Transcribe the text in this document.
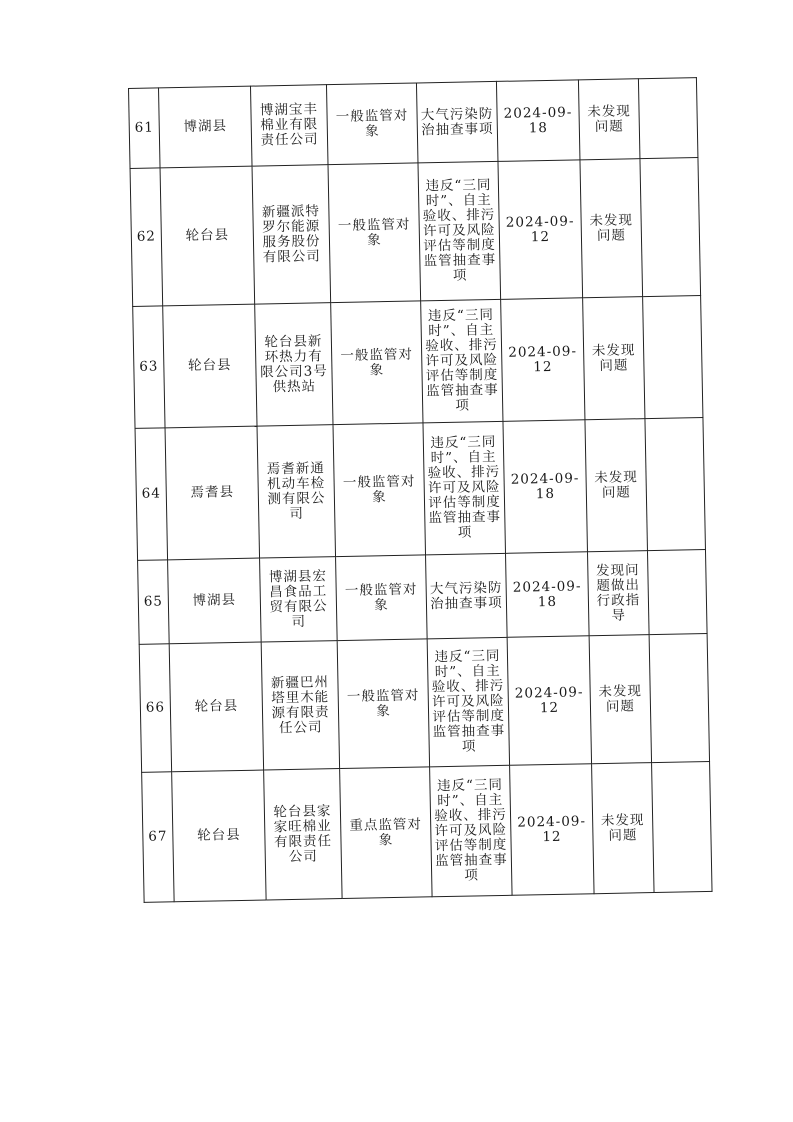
61	博湖县	博湖宝丰棉业有限责任公司	一般监管对象	大气污染防治抽查事项	2024-09-18	未发现问题	
62	轮台县	新疆派特罗尔能源服务股份有限公司	一般监管对象	违反“三同时”、自主验收、排污许可及风险评估等制度监管抽查事项	2024-09-12	未发现问题	
63	轮台县	轮台县新环热力有限公司3号供热站	一般监管对象	违反“三同时”、自主验收、排污许可及风险评估等制度监管抽查事项	2024-09-12	未发现问题	
64	焉耆县	焉耆新通机动车检测有限公司	一般监管对象	违反“三同时”、自主验收、排污许可及风险评估等制度监管抽查事项	2024-09-18	未发现问题	
65	博湖县	博湖县宏昌食品工贸有限公司	一般监管对象	大气污染防治抽查事项	2024-09-18	发现问题做出行政指导	
66	轮台县	新疆巴州塔里木能源有限责任公司	一般监管对象	违反“三同时”、自主验收、排污许可及风险评估等制度监管抽查事项	2024-09-12	未发现问题	
67	轮台县	轮台县家家旺棉业有限责任公司	重点监管对象	违反“三同时”、自主验收、排污许可及风险评估等制度监管抽查事项	2024-09-12	未发现问题	
